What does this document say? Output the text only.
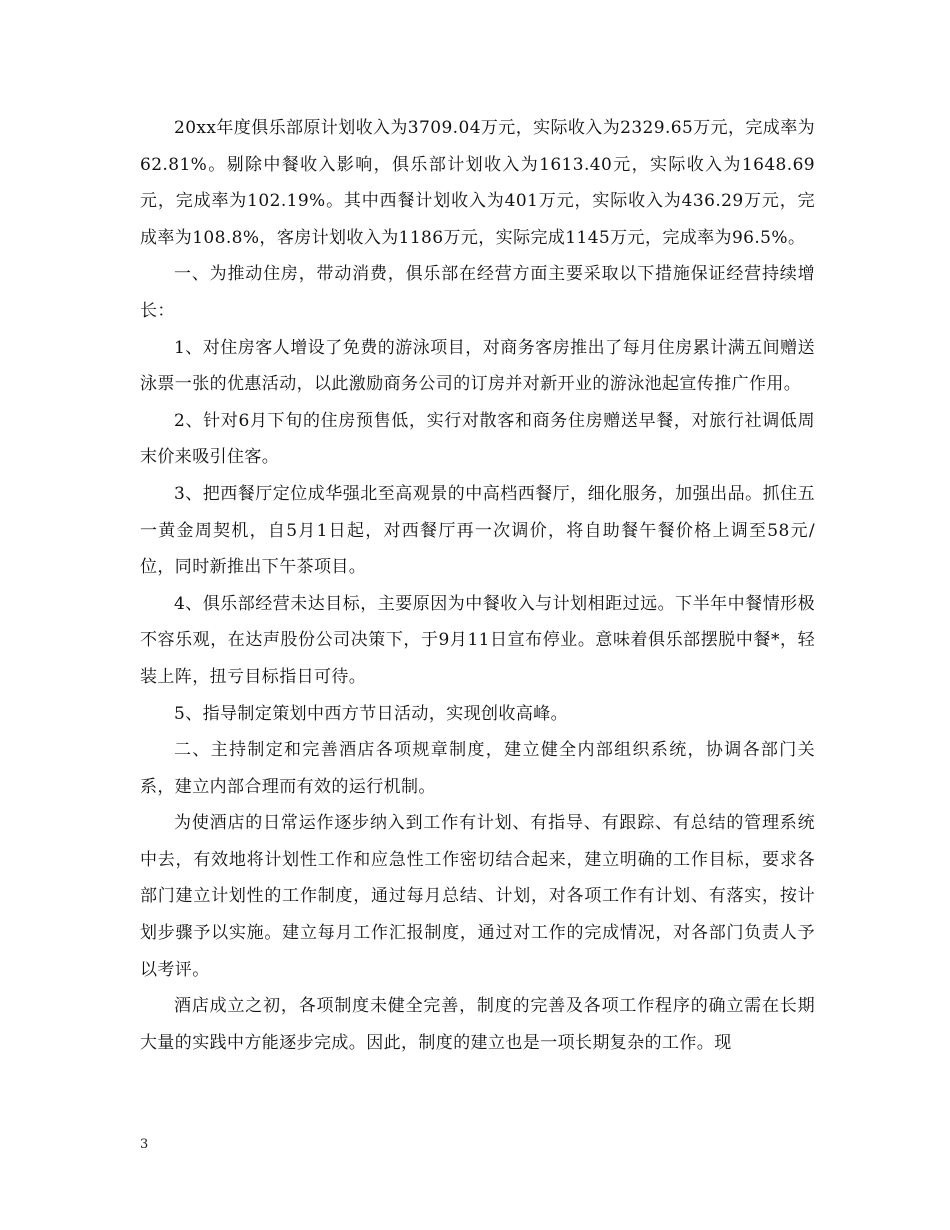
20xx年度俱乐部原计划收入为3709.04万元，实际收入为2329.65万元，完成率为62.81%。剔除中餐收入影响，俱乐部计划收入为1613.40元，实际收入为1648.69元，完成率为102.19%。其中西餐计划收入为401万元，实际收入为436.29万元，完成率为108.8%，客房计划收入为1186万元，实际完成1145万元，完成率为96.5%。

一、为推动住房，带动消费，俱乐部在经营方面主要采取以下措施保证经营持续增长：

1、对住房客人增设了免费的游泳项目，对商务客房推出了每月住房累计满五间赠送泳票一张的优惠活动，以此激励商务公司的订房并对新开业的游泳池起宣传推广作用。

2、针对6月下旬的住房预售低，实行对散客和商务住房赠送早餐，对旅行社调低周末价来吸引住客。

3、把西餐厅定位成华强北至高观景的中高档西餐厅，细化服务，加强出品。抓住五一黄金周契机，自5月1日起，对西餐厅再一次调价，将自助餐午餐价格上调至58元/位，同时新推出下午茶项目。

4、俱乐部经营未达目标，主要原因为中餐收入与计划相距过远。下半年中餐情形极不容乐观，在达声股份公司决策下，于9月11日宣布停业。意味着俱乐部摆脱中餐*，轻装上阵，扭亏目标指日可待。

5、指导制定策划中西方节日活动，实现创收高峰。

二、主持制定和完善酒店各项规章制度，建立健全内部组织系统，协调各部门关系，建立内部合理而有效的运行机制。

为使酒店的日常运作逐步纳入到工作有计划、有指导、有跟踪、有总结的管理系统中去，有效地将计划性工作和应急性工作密切结合起来，建立明确的工作目标，要求各部门建立计划性的工作制度，通过每月总结、计划，对各项工作有计划、有落实，按计划步骤予以实施。建立每月工作汇报制度，通过对工作的完成情况，对各部门负责人予以考评。

酒店成立之初，各项制度未健全完善，制度的完善及各项工作程序的确立需在长期大量的实践中方能逐步完成。因此，制度的建立也是一项长期复杂的工作。现

3
